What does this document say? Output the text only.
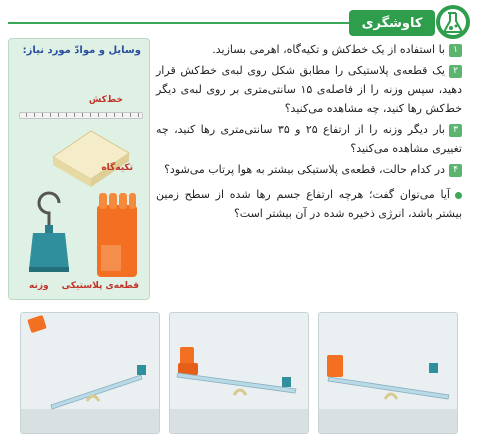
کاوشگری
وسایل و موادّ مورد نیاز:
خط‌کش
تکیه‌گاه
قطعه‌ی پلاستیکی
وزنه
۱با استفاده از یک خط‌کش و تکیه‌گاه، اهرمی بسازید.
۲یک قطعه‌ی پلاستیکی را مطابق شکل روی لبه‌ی خط‌کش قرار دهید، سپس وزنه را از فاصله‌ی ۱۵ سانتی‌متری بر روی لبه‌ی دیگر خط‌کش رها کنید، چه مشاهده می‌کنید؟
۳بار دیگر وزنه را از ارتفاع ۲۵ و ۳۵ سانتی‌متری رها کنید، چه تغییری مشاهده می‌کنید؟
۴در کدام حالت، قطعه‌ی پلاستیکی بیشتر به هوا پرتاب می‌شود؟
آیا می‌توان گفت؛ هرچه ارتفاع جسم رها شده از سطح زمین بیشتر باشد، انرژی ذخیره شده در آن بیشتر است؟
